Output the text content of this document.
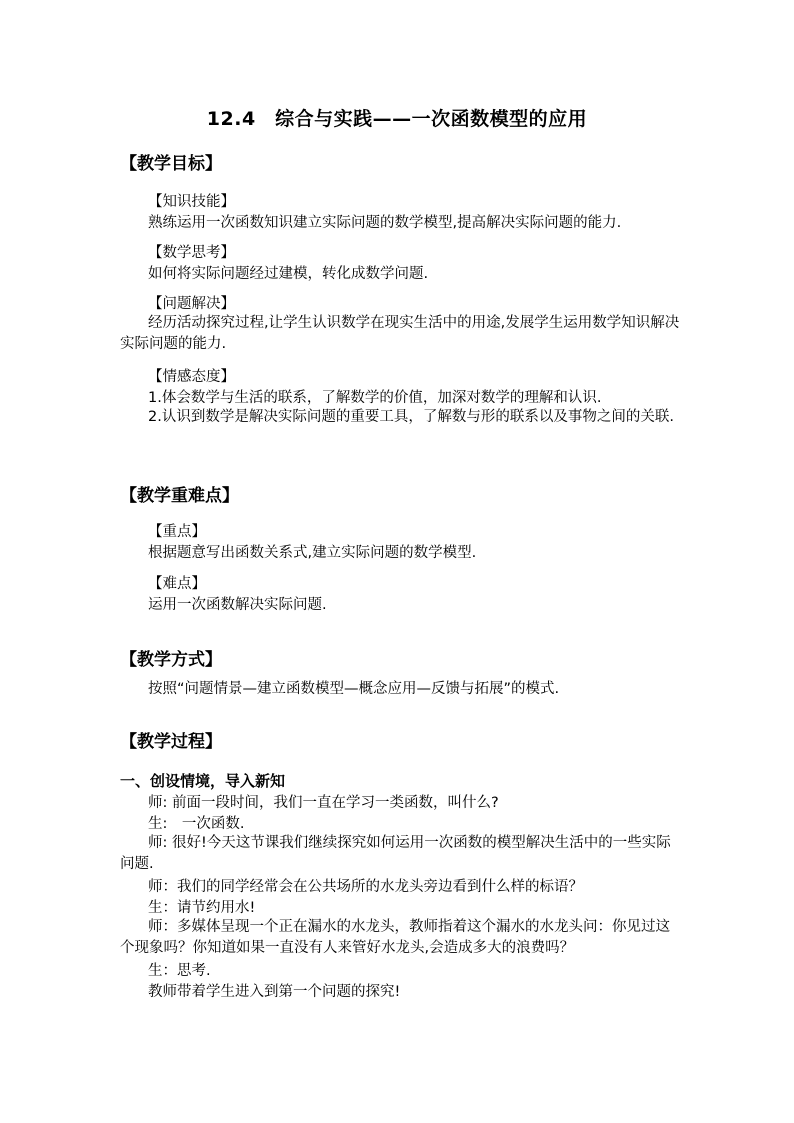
12.4　综合与实践——一次函数模型的应用
【教学目标】
【知识技能】
熟练运用一次函数知识建立实际问题的数学模型,提高解决实际问题的能力.
【数学思考】
如何将实际问题经过建模，转化成数学问题.
【问题解决】
经历活动探究过程,让学生认识数学在现实生活中的用途,发展学生运用数学知识解决实际问题的能力.
【情感态度】
1.体会数学与生活的联系，了解数学的价值，加深对数学的理解和认识.
2.认识到数学是解决实际问题的重要工具，了解数与形的联系以及事物之间的关联.
【教学重难点】
【重点】
根据题意写出函数关系式,建立实际问题的数学模型.
【难点】
运用一次函数解决实际问题.
【教学方式】
按照“问题情景—建立函数模型—概念应用—反馈与拓展”的模式.
【教学过程】
一、创设情境，导入新知
师: 前面一段时间，我们一直在学习一类函数，叫什么?
生:　一次函数.
师: 很好!今天这节课我们继续探究如何运用一次函数的模型解决生活中的一些实际问题.
师：我们的同学经常会在公共场所的水龙头旁边看到什么样的标语？
生：请节约用水!
师：多媒体呈现一个正在漏水的水龙头，教师指着这个漏水的水龙头问：你见过这个现象吗？你知道如果一直没有人来管好水龙头,会造成多大的浪费吗？
生：思考.
教师带着学生进入到第一个问题的探究!
